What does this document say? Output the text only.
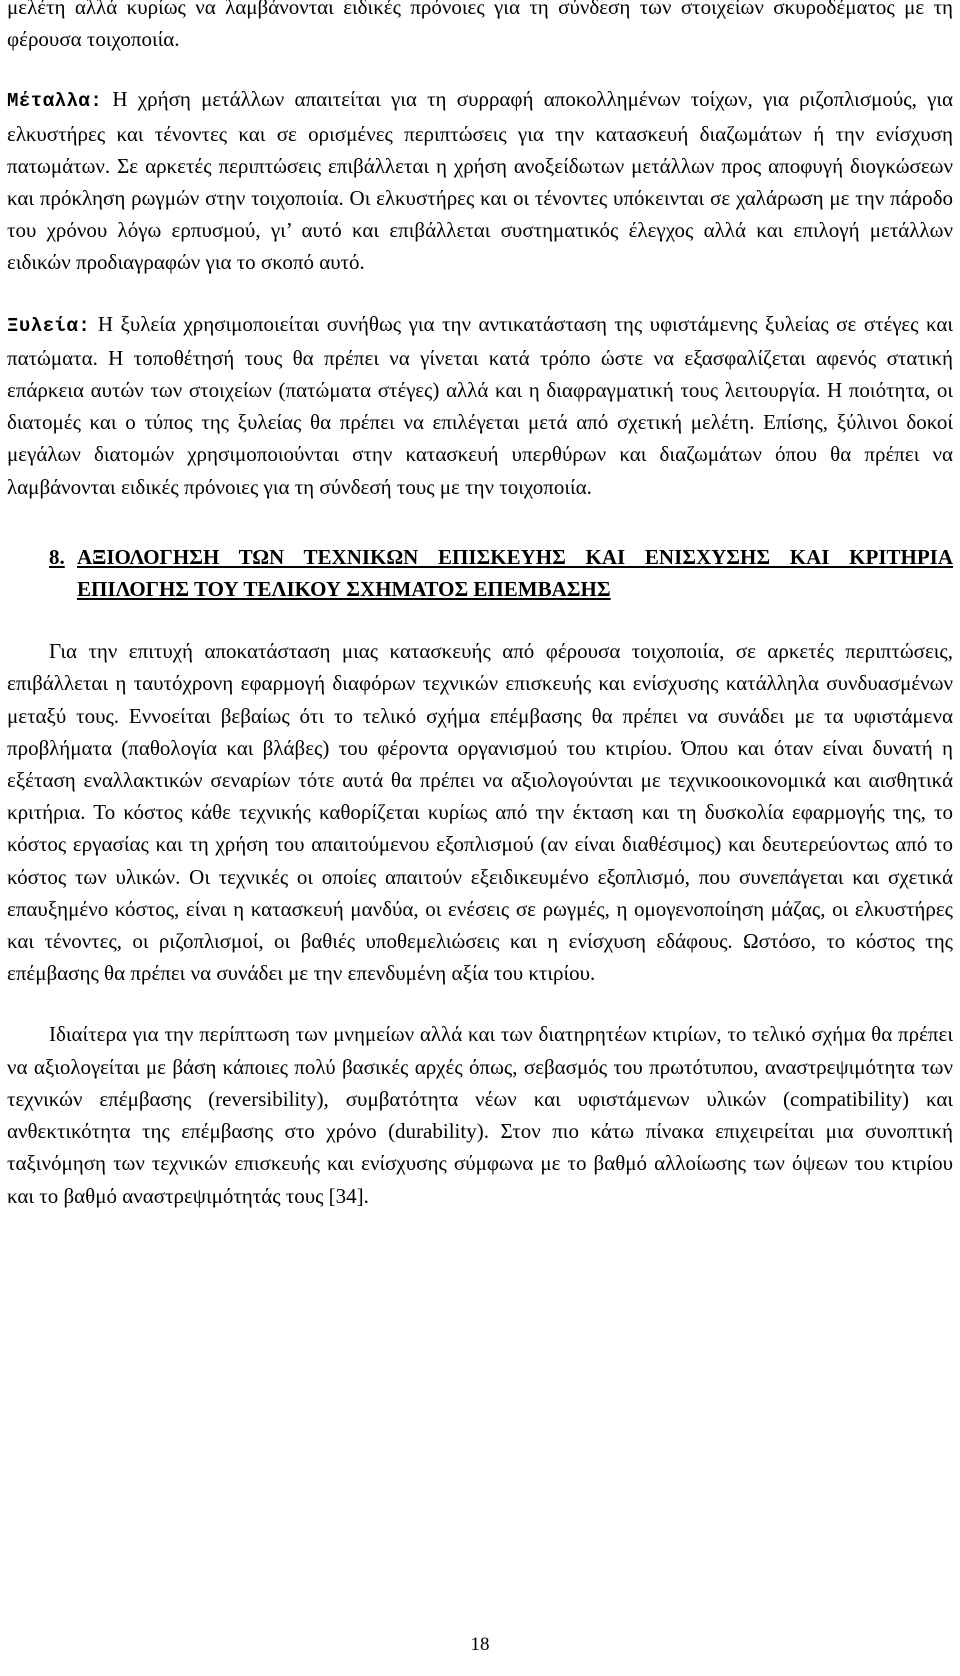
μελέτη αλλά κυρίως να λαμβάνονται ειδικές πρόνοιες για τη σύνδεση των στοιχείων σκυροδέματος με τη φέρουσα τοιχοποιία.

Μέταλλα: Η χρήση μετάλλων απαιτείται για τη συρραφή αποκολλημένων τοίχων, για ριζοπλισμούς, για ελκυστήρες και τένοντες και σε ορισμένες περιπτώσεις για την κατασκευή διαζωμάτων ή την ενίσχυση πατωμάτων. Σε αρκετές περιπτώσεις επιβάλλεται η χρήση ανοξείδωτων μετάλλων προς αποφυγή διογκώσεων και πρόκληση ρωγμών στην τοιχοποιία. Οι ελκυστήρες και οι τένοντες υπόκεινται σε χαλάρωση με την πάροδο του χρόνου λόγω ερπυσμού, γι’ αυτό και επιβάλλεται συστηματικός έλεγχος αλλά και επιλογή μετάλλων ειδικών προδιαγραφών για το σκοπό αυτό.

Ξυλεία: Η ξυλεία χρησιμοποιείται συνήθως για την αντικατάσταση της υφιστάμενης ξυλείας σε στέγες και πατώματα. Η τοποθέτησή τους θα πρέπει να γίνεται κατά τρόπο ώστε να εξασφαλίζεται αφενός στατική επάρκεια αυτών των στοιχείων (πατώματα στέγες) αλλά και η διαφραγματική τους λειτουργία. Η ποιότητα, οι διατομές και ο τύπος της ξυλείας θα πρέπει να επιλέγεται μετά από σχετική μελέτη. Επίσης, ξύλινοι δοκοί μεγάλων διατομών χρησιμοποιούνται στην κατασκευή υπερθύρων και διαζωμάτων όπου θα πρέπει να λαμβάνονται ειδικές πρόνοιες για τη σύνδεσή τους με την τοιχοποιία.

8. ΑΞΙΟΛΟΓΗΣΗ ΤΩΝ ΤΕΧΝΙΚΩΝ ΕΠΙΣΚΕΥΗΣ ΚΑΙ ΕΝΙΣΧΥΣΗΣ ΚΑΙ ΚΡΙΤΗΡΙΑ ΕΠΙΛΟΓΗΣ ΤΟΥ ΤΕΛΙΚΟΥ ΣΧΗΜΑΤΟΣ ΕΠΕΜΒΑΣΗΣ

Για την επιτυχή αποκατάσταση μιας κατασκευής από φέρουσα τοιχοποιία, σε αρκετές περιπτώσεις, επιβάλλεται η ταυτόχρονη εφαρμογή διαφόρων τεχνικών επισκευής και ενίσχυσης κατάλληλα συνδυασμένων μεταξύ τους. Εννοείται βεβαίως ότι το τελικό σχήμα επέμβασης θα πρέπει να συνάδει με τα υφιστάμενα προβλήματα (παθολογία και βλάβες) του φέροντα οργανισμού του κτιρίου. Όπου και όταν είναι δυνατή η εξέταση εναλλακτικών σεναρίων τότε αυτά θα πρέπει να αξιολογούνται με τεχνικοοικονομικά και αισθητικά κριτήρια. Το κόστος κάθε τεχνικής καθορίζεται κυρίως από την έκταση και τη δυσκολία εφαρμογής της, το κόστος εργασίας και τη χρήση του απαιτούμενου εξοπλισμού (αν είναι διαθέσιμος) και δευτερεύοντως από το κόστος των υλικών. Οι τεχνικές οι οποίες απαιτούν εξειδικευμένο εξοπλισμό, που συνεπάγεται και σχετικά επαυξημένο κόστος, είναι η κατασκευή μανδύα, οι ενέσεις σε ρωγμές, η ομογενοποίηση μάζας, οι ελκυστήρες και τένοντες, οι ριζοπλισμοί, οι βαθιές υποθεμελιώσεις και η ενίσχυση εδάφους. Ωστόσο, το κόστος της επέμβασης θα πρέπει να συνάδει με την επενδυμένη αξία του κτιρίου.

Ιδιαίτερα για την περίπτωση των μνημείων αλλά και των διατηρητέων κτιρίων, το τελικό σχήμα θα πρέπει να αξιολογείται με βάση κάποιες πολύ βασικές αρχές όπως, σεβασμός του πρωτότυπου, αναστρεψιμότητα των τεχνικών επέμβασης (reversibility), συμβατότητα νέων και υφιστάμενων υλικών (compatibility) και ανθεκτικότητα της επέμβασης στο χρόνο (durability). Στον πιο κάτω πίνακα επιχειρείται μια συνοπτική ταξινόμηση των τεχνικών επισκευής και ενίσχυσης σύμφωνα με το βαθμό αλλοίωσης των όψεων του κτιρίου και το βαθμό αναστρεψιμότητάς τους [34].

18
